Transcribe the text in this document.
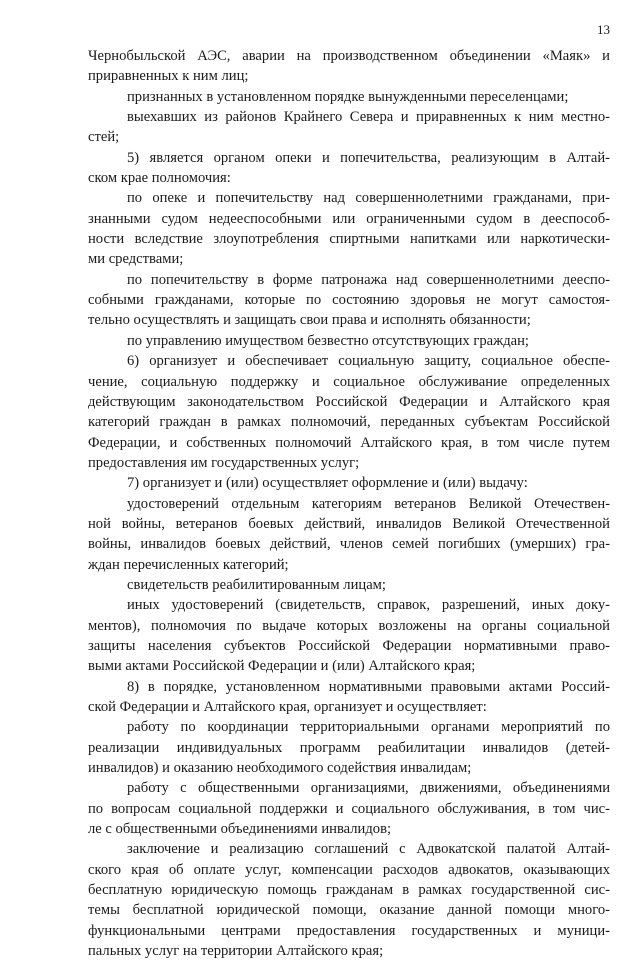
13
Чернобыльской АЭС, аварии на производственном объединении «Маяк» и
приравненных к ним лиц;
признанных в установленном порядке вынужденными переселенцами;
выехавших из районов Крайнего Севера и приравненных к ним местно-
стей;
5) является органом опеки и попечительства, реализующим в Алтай-
ском крае полномочия:
по опеке и попечительству над совершеннолетними гражданами, при-
знанными судом недееспособными или ограниченными судом в дееспособ-
ности вследствие злоупотребления спиртными напитками или наркотически-
ми средствами;
по попечительству в форме патронажа над совершеннолетними дееспо-
собными гражданами, которые по состоянию здоровья не могут самостоя-
тельно осуществлять и защищать свои права и исполнять обязанности;
по управлению имуществом безвестно отсутствующих граждан;
6) организует и обеспечивает социальную защиту, социальное обеспе-
чение, социальную поддержку и социальное обслуживание определенных
действующим законодательством Российской Федерации и Алтайского края
категорий граждан в рамках полномочий, переданных субъектам Российской
Федерации, и собственных полномочий Алтайского края, в том числе путем
предоставления им государственных услуг;
7) организует и (или) осуществляет оформление и (или) выдачу:
удостоверений отдельным категориям ветеранов Великой Отечествен-
ной войны, ветеранов боевых действий, инвалидов Великой Отечественной
войны, инвалидов боевых действий, членов семей погибших (умерших) гра-
ждан перечисленных категорий;
свидетельств реабилитированным лицам;
иных удостоверений (свидетельств, справок, разрешений, иных доку-
ментов), полномочия по выдаче которых возложены на органы социальной
защиты населения субъектов Российской Федерации нормативными право-
выми актами Российской Федерации и (или) Алтайского края;
8) в порядке, установленном нормативными правовыми актами Россий-
ской Федерации и Алтайского края, организует и осуществляет:
работу по координации территориальными органами мероприятий по
реализации индивидуальных программ реабилитации инвалидов (детей-
инвалидов) и оказанию необходимого содействия инвалидам;
работу с общественными организациями, движениями, объединениями
по вопросам социальной поддержки и социального обслуживания, в том чис-
ле с общественными объединениями инвалидов;
заключение и реализацию соглашений с Адвокатской палатой Алтай-
ского края об оплате услуг, компенсации расходов адвокатов, оказывающих
бесплатную юридическую помощь гражданам в рамках государственной сис-
темы бесплатной юридической помощи, оказание данной помощи много-
функциональными центрами предоставления государственных и муници-
пальных услуг на территории Алтайского края;
